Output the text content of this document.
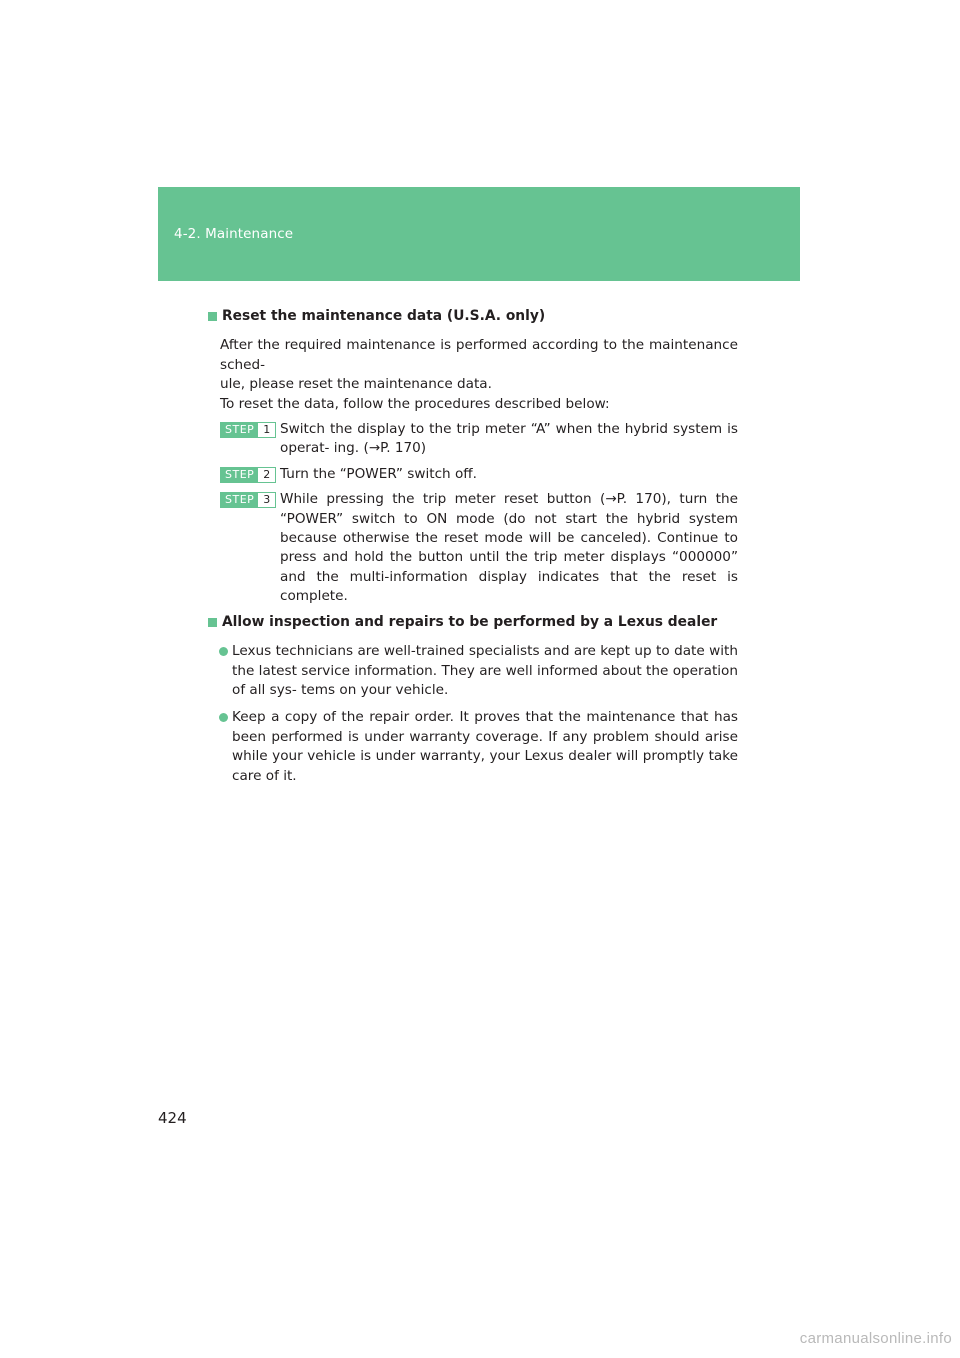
4-2. Maintenance
Reset the maintenance data (U.S.A. only)
After the required maintenance is performed according to the maintenance sched-
ule, please reset the maintenance data.
To reset the data, follow the procedures described below:
STEP 1 Switch the display to the trip meter “A” when the hybrid system is operat- ing. (→P. 170)
STEP 2 Turn the “POWER” switch off.
STEP 3 While pressing the trip meter reset button (→P. 170), turn the “POWER” switch to ON mode (do not start the hybrid system because otherwise the reset mode will be canceled). Continue to press and hold the button until the trip meter displays “000000” and the multi-information display indicates that the reset is complete.
Allow inspection and repairs to be performed by a Lexus dealer
Lexus technicians are well-trained specialists and are kept up to date with the latest service information. They are well informed about the operation of all sys- tems on your vehicle.
Keep a copy of the repair order. It proves that the maintenance that has been performed is under warranty coverage. If any problem should arise while your vehicle is under warranty, your Lexus dealer will promptly take care of it.
424
carmanualsonline.info
